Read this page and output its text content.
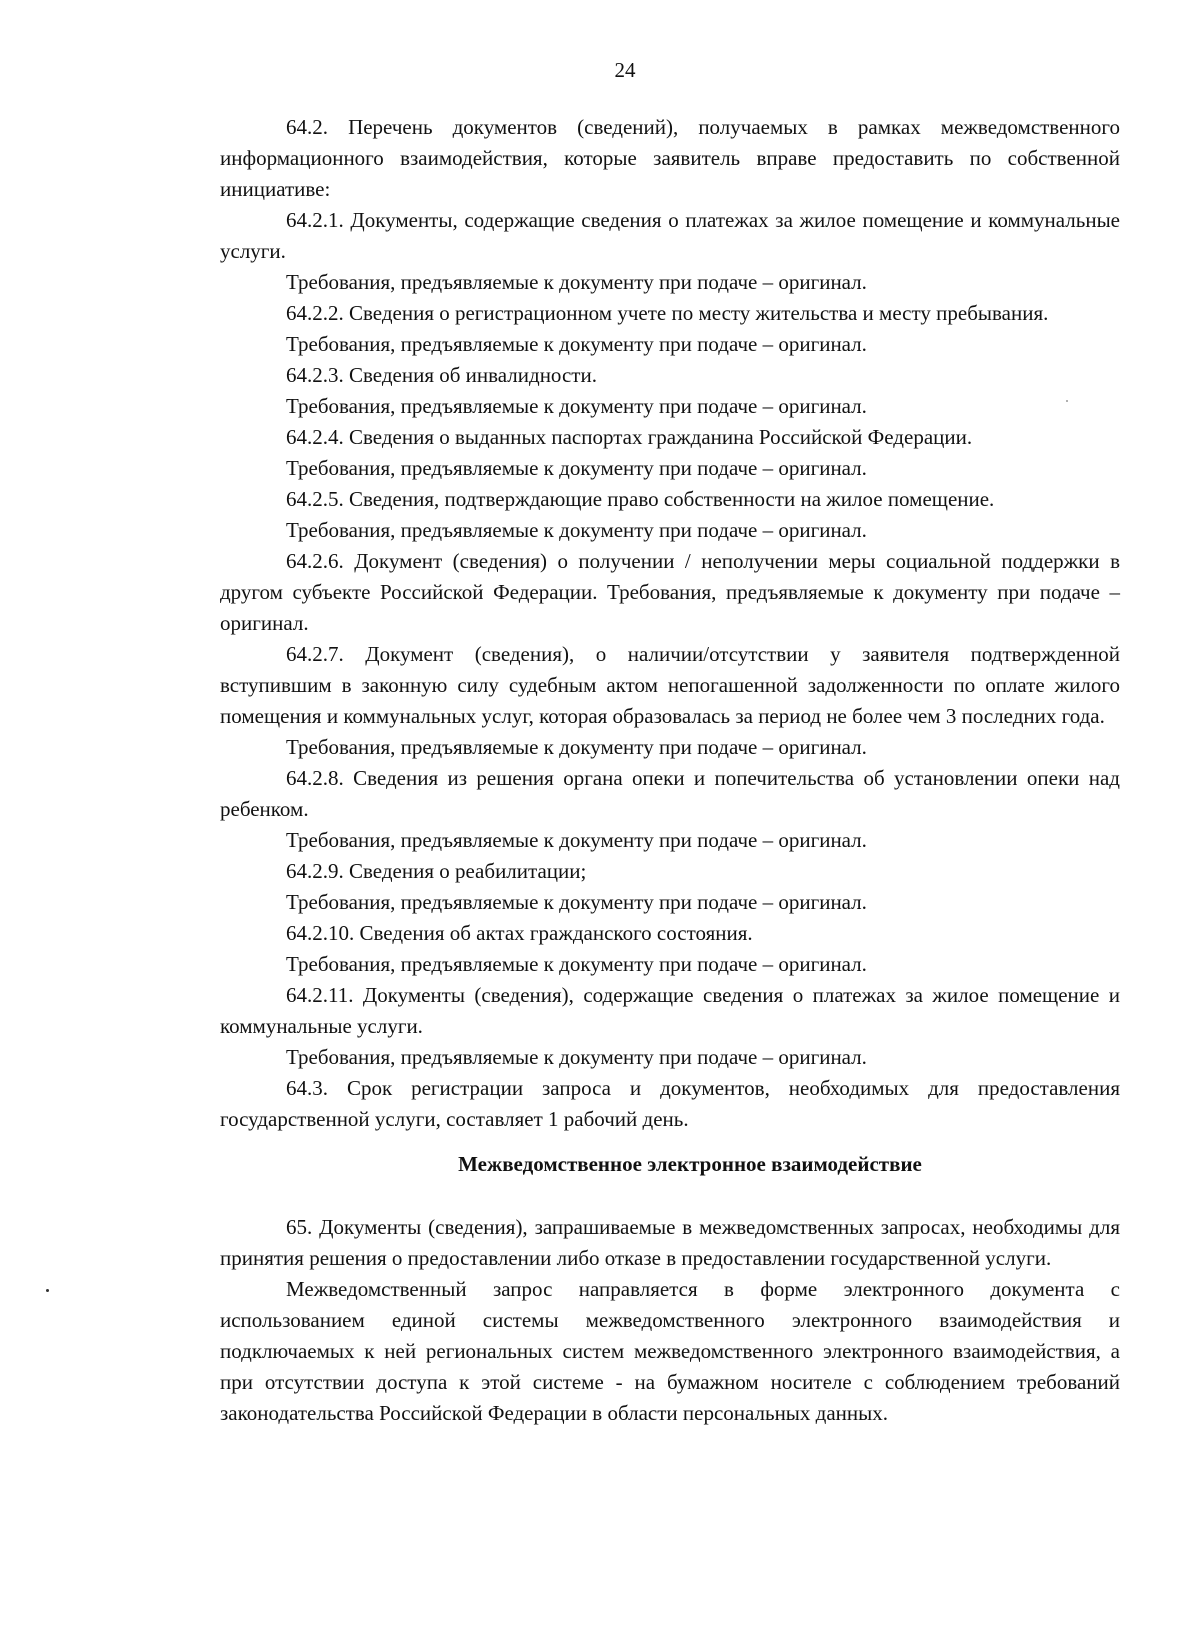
24

64.2. Перечень документов (сведений), получаемых в рамках межведомственного информационного взаимодействия, которые заявитель вправе предоставить по собственной инициативе:

64.2.1. Документы, содержащие сведения о платежах за жилое помещение и коммунальные услуги.

Требования, предъявляемые к документу при подаче – оригинал.

64.2.2. Сведения о регистрационном учете по месту жительства и месту пребывания.

Требования, предъявляемые к документу при подаче – оригинал.

64.2.3. Сведения об инвалидности.

Требования, предъявляемые к документу при подаче – оригинал.

64.2.4. Сведения о выданных паспортах гражданина Российской Федерации.

Требования, предъявляемые к документу при подаче – оригинал.

64.2.5. Сведения, подтверждающие право собственности на жилое помещение.

Требования, предъявляемые к документу при подаче – оригинал.

64.2.6. Документ (сведения) о получении / неполучении меры социальной поддержки в другом субъекте Российской Федерации. Требования, предъявляемые к документу при подаче – оригинал.

64.2.7. Документ (сведения), о наличии/отсутствии у заявителя подтвержденной вступившим в законную силу судебным актом непогашенной задолженности по оплате жилого помещения и коммунальных услуг, которая образовалась за период не более чем 3 последних года.

Требования, предъявляемые к документу при подаче – оригинал.

64.2.8. Сведения из решения органа опеки и попечительства об установлении опеки над ребенком.

Требования, предъявляемые к документу при подаче – оригинал.

64.2.9. Сведения о реабилитации;

Требования, предъявляемые к документу при подаче – оригинал.

64.2.10. Сведения об актах гражданского состояния.

Требования, предъявляемые к документу при подаче – оригинал.

64.2.11. Документы (сведения), содержащие сведения о платежах за жилое помещение и коммунальные услуги.

Требования, предъявляемые к документу при подаче – оригинал.

64.3. Срок регистрации запроса и документов, необходимых для предоставления государственной услуги, составляет 1 рабочий день.

Межведомственное электронное взаимодействие

65. Документы (сведения), запрашиваемые в межведомственных запросах, необходимы для принятия решения о предоставлении либо отказе в предоставлении государственной услуги.

Межведомственный запрос направляется в форме электронного документа с использованием единой системы межведомственного электронного взаимодействия и подключаемых к ней региональных систем межведомственного электронного взаимодействия, а при отсутствии доступа к этой системе - на бумажном носителе с соблюдением требований законодательства Российской Федерации в области персональных данных.
